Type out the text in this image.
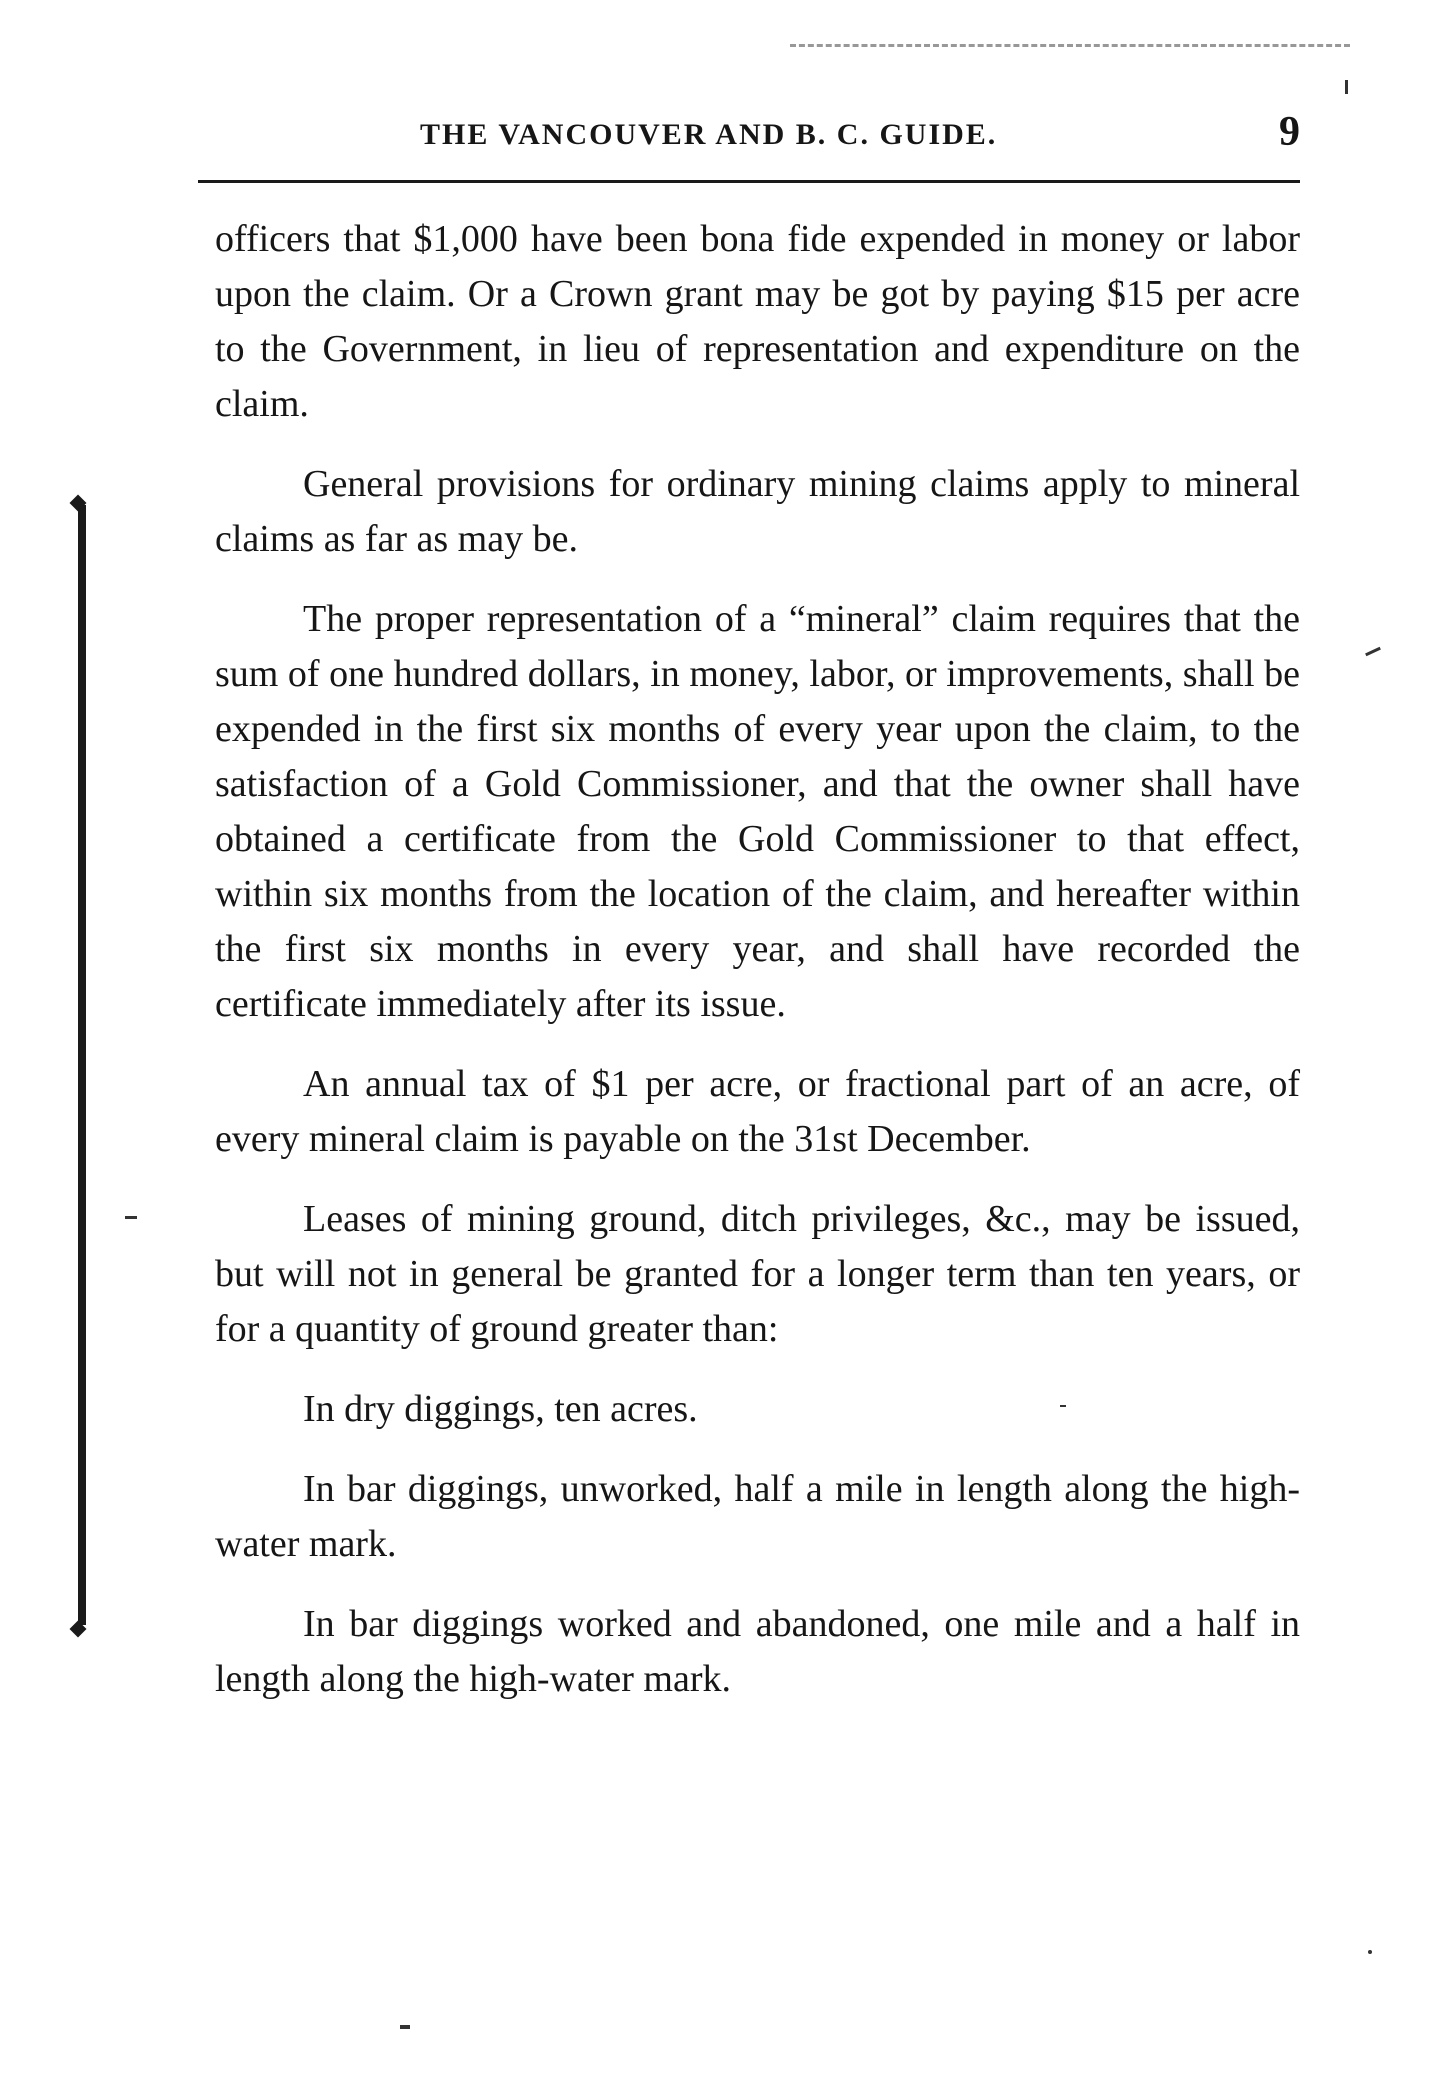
THE VANCOUVER AND B. C. GUIDE.	9

officers that $1,000 have been bona fide expended in money or labor upon the claim. Or a Crown grant may be got by paying $15 per acre to the Government, in lieu of representation and expenditure on the claim.

General provisions for ordinary mining claims apply to mineral claims as far as may be.

The proper representation of a “mineral” claim requires that the sum of one hundred dollars, in money, labor, or improvements, shall be expended in the first six months of every year upon the claim, to the satisfaction of a Gold Commissioner, and that the owner shall have obtained a certificate from the Gold Commissioner to that effect, within six months from the location of the claim, and hereafter within the first six months in every year, and shall have recorded the certificate immediately after its issue.

An annual tax of $1 per acre, or fractional part of an acre, of every mineral claim is payable on the 31st December.

Leases of mining ground, ditch privileges, &c., may be issued, but will not in general be granted for a longer term than ten years, or for a quantity of ground greater than:

In dry diggings, ten acres.

In bar diggings, unworked, half a mile in length along the high-water mark.

In bar diggings worked and abandoned, one mile and a half in length along the high-water mark.
